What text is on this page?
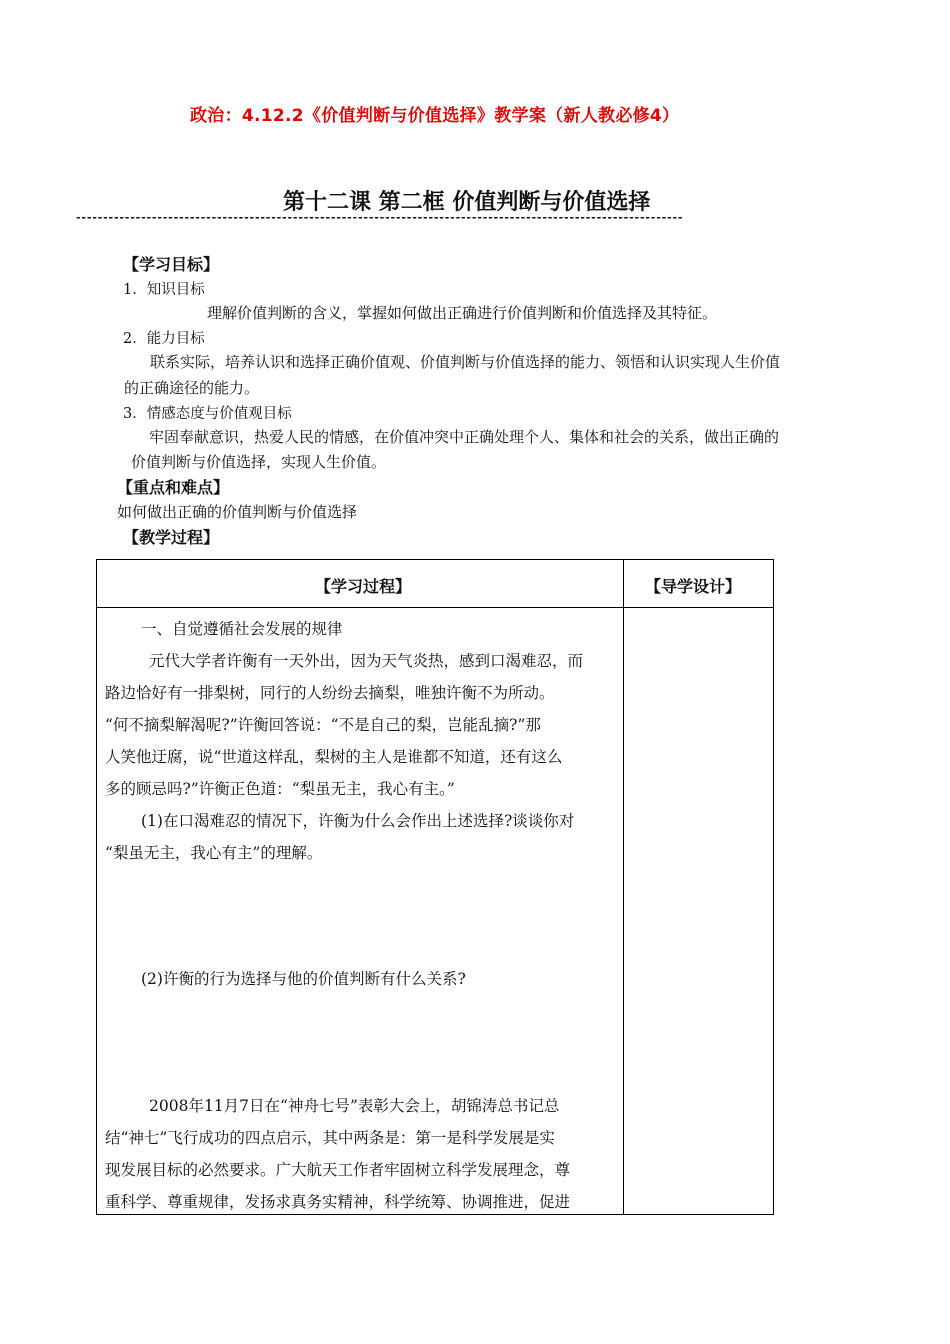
政治：4.12.2《价值判断与价值选择》教学案（新人教必修4）
第十二课 第二框 价值判断与价值选择
----------------------------------------------------------------------------------------------------------------
【学习目标】
1．知识目标
理解价值判断的含义，掌握如何做出正确进行价值判断和价值选择及其特征。
2．能力目标
联系实际，培养认识和选择正确价值观、价值判断与价值选择的能力、领悟和认识实现人生价值
的正确途径的能力。
3．情感态度与价值观目标
牢固奉献意识，热爱人民的情感，在价值冲突中正确处理个人、集体和社会的关系，做出正确的
价值判断与价值选择，实现人生价值。
【重点和难点】
如何做出正确的价值判断与价值选择
【教学过程】
【学习过程】	【导学设计】

一、自觉遵循社会发展的规律

元代大学者许衡有一天外出，因为天气炎热，感到口渴难忍，而

路边恰好有一排梨树，同行的人纷纷去摘梨，唯独许衡不为所动。

“何不摘梨解渴呢?”许衡回答说：“不是自己的梨，岂能乱摘?”那

人笑他迂腐，说“世道这样乱，梨树的主人是谁都不知道，还有这么

多的顾忌吗?”许衡正色道：“梨虽无主，我心有主。”

(1)在口渴难忍的情况下，许衡为什么会作出上述选择?谈谈你对

“梨虽无主，我心有主”的理解。

(2)许衡的行为选择与他的价值判断有什么关系?

2008年11月7日在“神舟七号”表彰大会上，胡锦涛总书记总

结“神七”飞行成功的四点启示，其中两条是：第一是科学发展是实

现发展目标的必然要求。广大航天工作者牢固树立科学发展理念，尊

重科学、尊重规律，发扬求真务实精神，科学统筹、协调推进，促进
